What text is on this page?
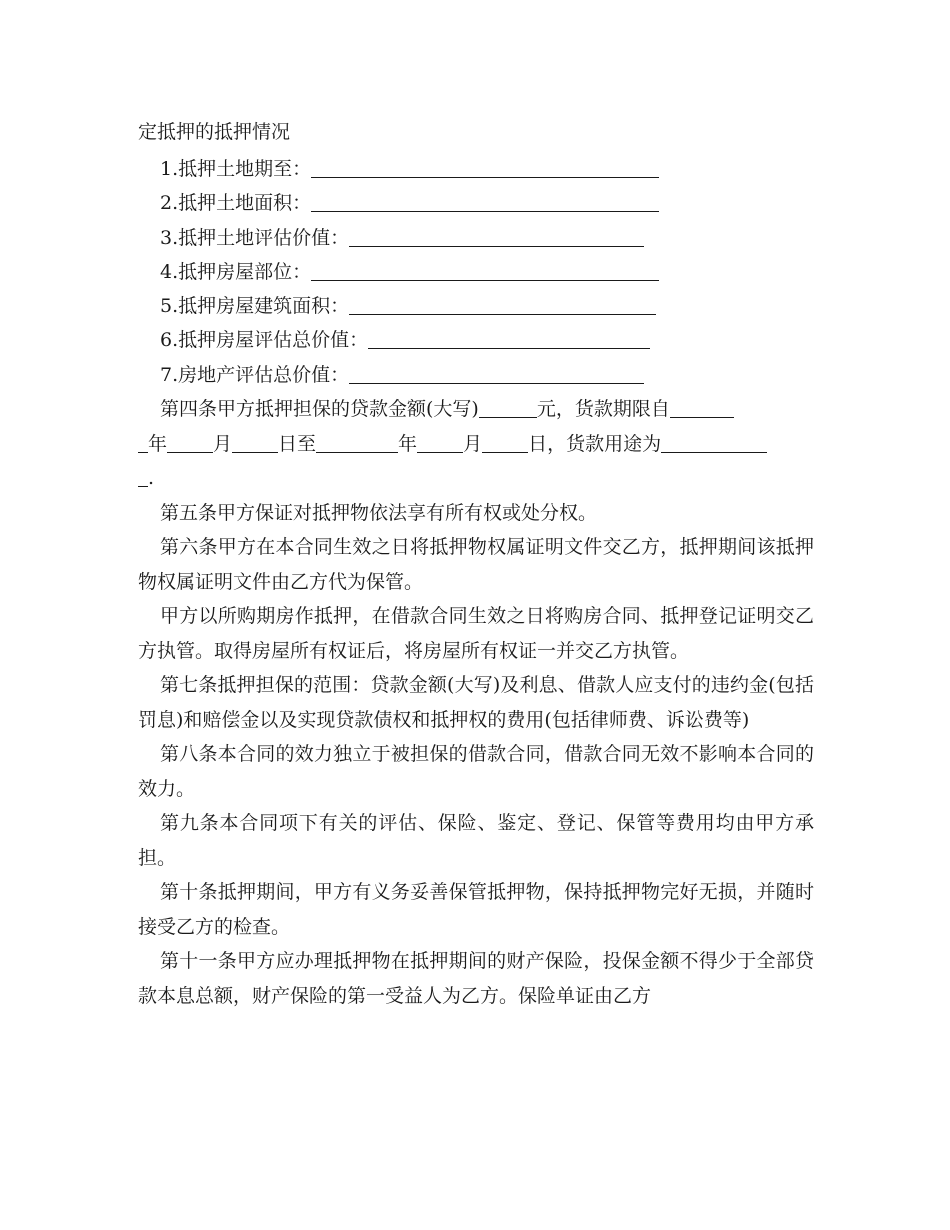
定抵押的抵押情况
1.抵押土地期至：
2.抵押土地面积：
3.抵押土地评估价值：
4.抵押房屋部位：
5.抵押房屋建筑面积：
6.抵押房屋评估总价值：
7.房地产评估总价值：

第四条甲方抵押担保的贷款金额(大写)	元，货款期限自
年 月 日至	年 月 日，货款用途为
.

第五条甲方保证对抵押物依法享有所有权或处分权。

第六条甲方在本合同生效之日将抵押物权属证明文件交乙方，抵押期间该抵押物权属证明文件由乙方代为保管。

甲方以所购期房作抵押，在借款合同生效之日将购房合同、抵押登记证明交乙方执管。取得房屋所有权证后，将房屋所有权证一并交乙方执管。

第七条抵押担保的范围：贷款金额(大写)及利息、借款人应支付的违约金(包括罚息)和赔偿金以及实现贷款债权和抵押权的费用(包括律师费、诉讼费等)

第八条本合同的效力独立于被担保的借款合同，借款合同无效不影响本合同的效力。

第九条本合同项下有关的评估、保险、鉴定、登记、保管等费用均由甲方承担。

第十条抵押期间，甲方有义务妥善保管抵押物，保持抵押物完好无损，并随时接受乙方的检查。

第十一条甲方应办理抵押物在抵押期间的财产保险，投保金额不得少于全部贷款本息总额，财产保险的第一受益人为乙方。保险单证由乙方
